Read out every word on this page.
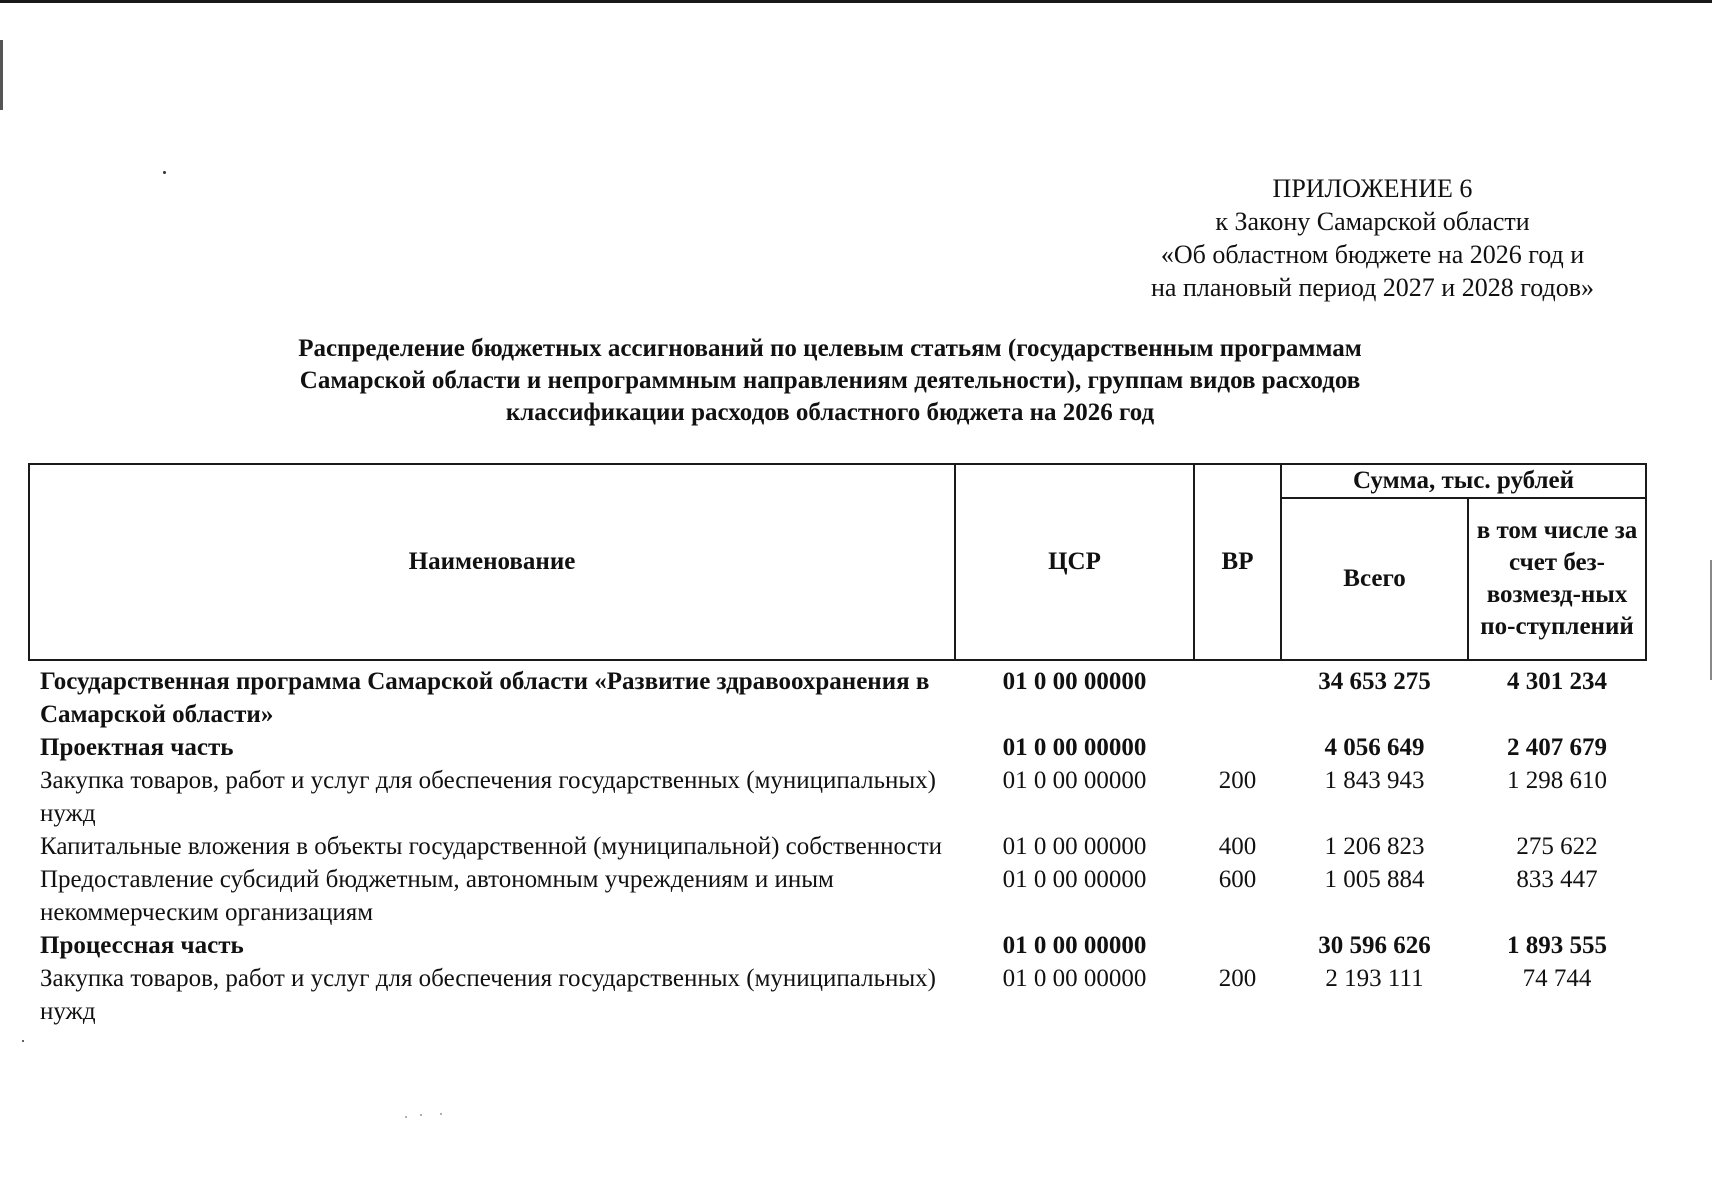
ПРИЛОЖЕНИЕ 6
к Закону Самарской области
«Об областном бюджете на 2026 год и
на плановый период 2027 и 2028 годов»
Распределение бюджетных ассигнований по целевым статьям (государственным программам
Самарской области и непрограммным направлениям деятельности), группам видов расходов
классификации расходов областного бюджета на 2026 год
Наименование	ЦСР	ВР	Сумма, тыс. рублей	
			Всего	в том числе за счет без-возмезд-ных по-ступлений
Государственная программа Самарской области «Развитие здравоохранения в Самарской области»	01 0 00 00000		34 653 275	4 301 234
Проектная часть	01 0 00 00000		4 056 649	2 407 679
Закупка товаров, работ и услуг для обеспечения государственных (муниципальных) нужд	01 0 00 00000	200	1 843 943	1 298 610
Капитальные вложения в объекты государственной (муниципальной) собственности	01 0 00 00000	400	1 206 823	275 622
Предоставление субсидий бюджетным, автономным учреждениям и иным некоммерческим организациям	01 0 00 00000	600	1 005 884	833 447
Процессная часть	01 0 00 00000		30 596 626	1 893 555
Закупка товаров, работ и услуг для обеспечения государственных (муниципальных) нужд	01 0 00 00000	200	2 193 111	74 744
